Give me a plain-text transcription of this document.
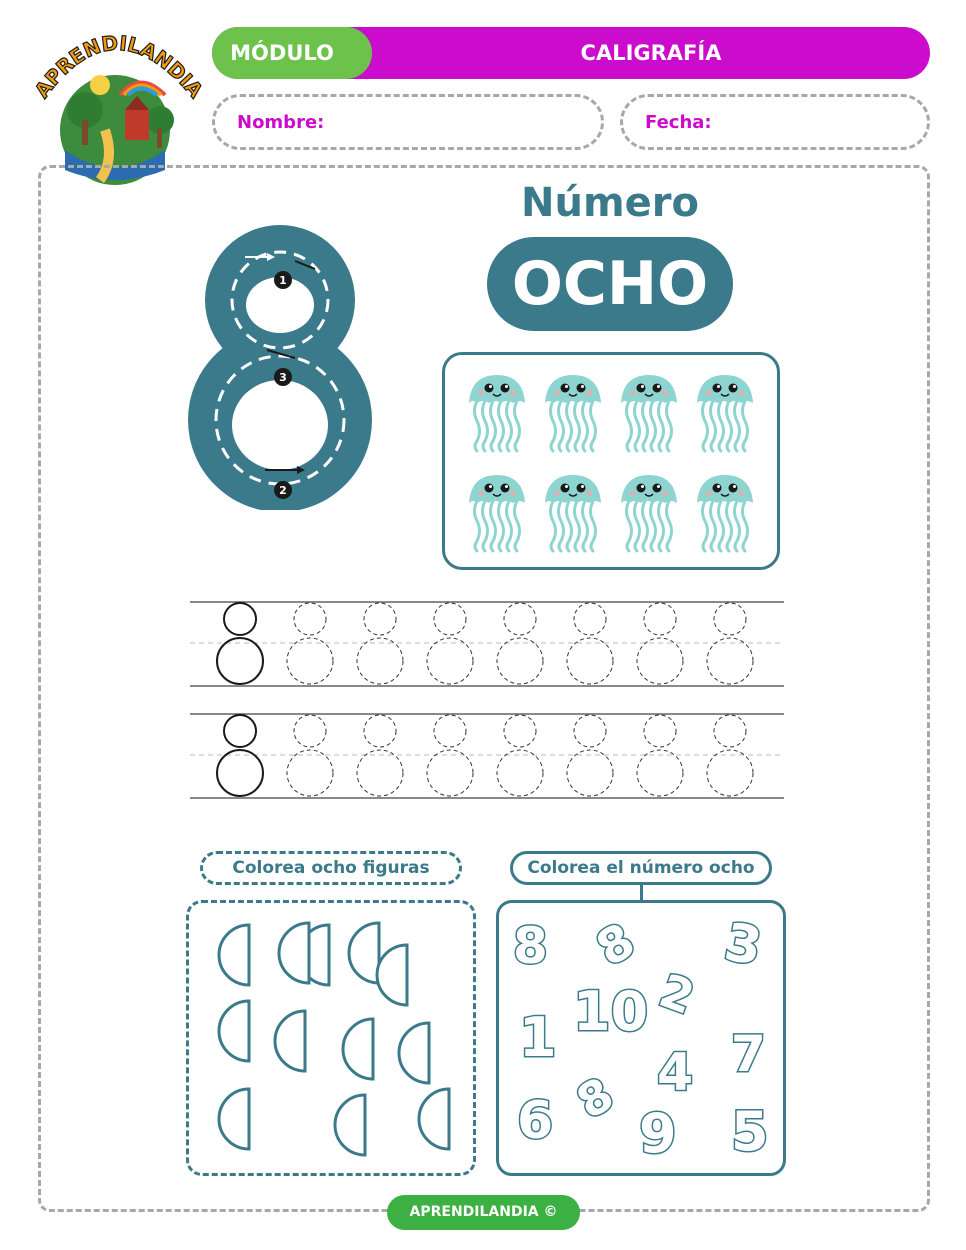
APRENDILANDIA
MÓDULO	CALIGRAFÍA
Nombre:	Fecha:
Número
OCHO
1
2
3
Colorea ocho figuras	Colorea el número ocho
8 8 3
10 2
1	7
4
8
6 9 5
APRENDILANDIA ©
